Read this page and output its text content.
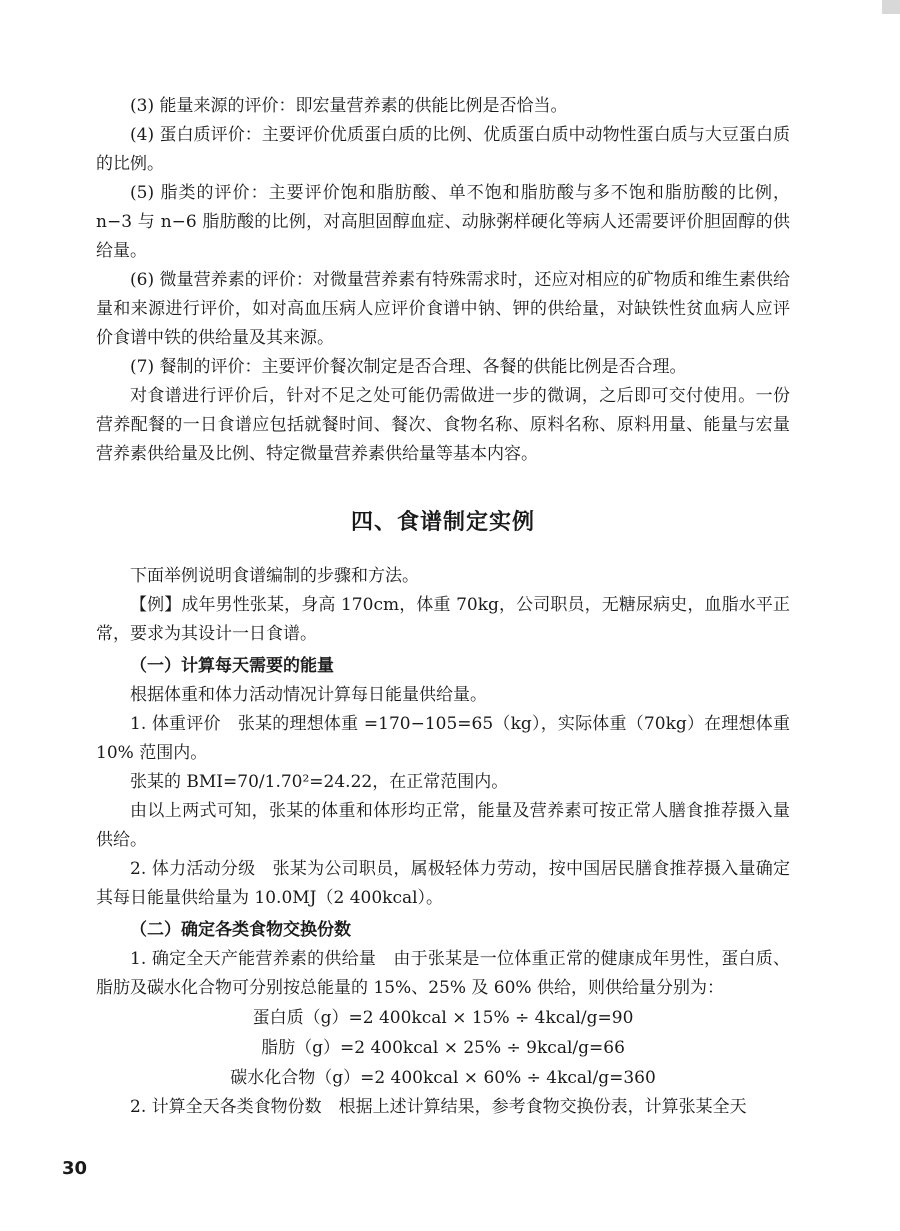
(3) 能量来源的评价：即宏量营养素的供能比例是否恰当。

(4) 蛋白质评价：主要评价优质蛋白质的比例、优质蛋白质中动物性蛋白质与大豆蛋白质的比例。

(5) 脂类的评价：主要评价饱和脂肪酸、单不饱和脂肪酸与多不饱和脂肪酸的比例，n−3 与 n−6 脂肪酸的比例，对高胆固醇血症、动脉粥样硬化等病人还需要评价胆固醇的供给量。

(6) 微量营养素的评价：对微量营养素有特殊需求时，还应对相应的矿物质和维生素供给量和来源进行评价，如对高血压病人应评价食谱中钠、钾的供给量，对缺铁性贫血病人应评价食谱中铁的供给量及其来源。

(7) 餐制的评价：主要评价餐次制定是否合理、各餐的供能比例是否合理。

对食谱进行评价后，针对不足之处可能仍需做进一步的微调，之后即可交付使用。一份营养配餐的一日食谱应包括就餐时间、餐次、食物名称、原料名称、原料用量、能量与宏量营养素供给量及比例、特定微量营养素供给量等基本内容。

四、食谱制定实例

下面举例说明食谱编制的步骤和方法。

【例】成年男性张某，身高 170cm，体重 70kg，公司职员，无糖尿病史，血脂水平正常，要求为其设计一日食谱。

（一）计算每天需要的能量

根据体重和体力活动情况计算每日能量供给量。

1. 体重评价　张某的理想体重 =170−105=65（kg），实际体重（70kg）在理想体重 10% 范围内。

张某的 BMI=70/1.70²=24.22，在正常范围内。

由以上两式可知，张某的体重和体形均正常，能量及营养素可按正常人膳食推荐摄入量供给。

2. 体力活动分级　张某为公司职员，属极轻体力劳动，按中国居民膳食推荐摄入量确定其每日能量供给量为 10.0MJ（2 400kcal）。

（二）确定各类食物交换份数

1. 确定全天产能营养素的供给量　由于张某是一位体重正常的健康成年男性，蛋白质、脂肪及碳水化合物可分别按总能量的 15%、25% 及 60% 供给，则供给量分别为：

蛋白质（g）=2 400kcal × 15% ÷ 4kcal/g=90
脂肪（g）=2 400kcal × 25% ÷ 9kcal/g=66
碳水化合物（g）=2 400kcal × 60% ÷ 4kcal/g=360

2. 计算全天各类食物份数　根据上述计算结果，参考食物交换份表，计算张某全天

30
